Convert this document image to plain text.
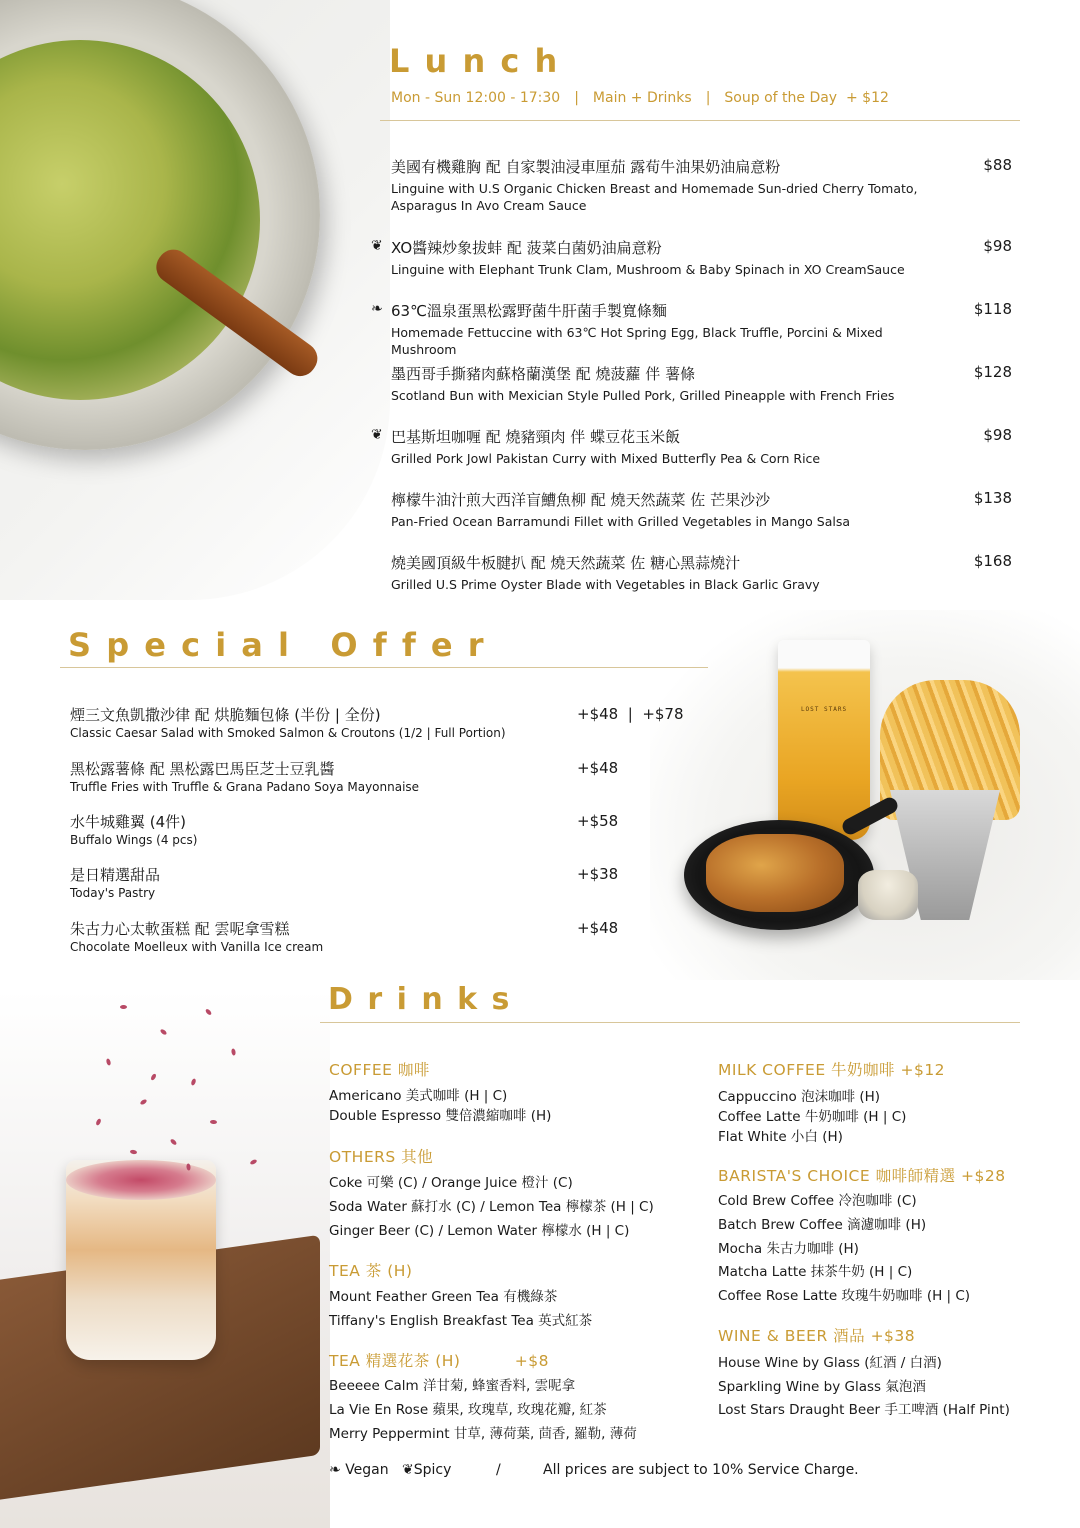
LOST STARS
L u n c h
Mon - Sun 12:00 - 17:30 | Main + Drinks | Soup of the Day  + $12
美國有機雞胸 配 自家製油浸車厘茄 露荀牛油果奶油扁意粉
Linguine with U.S Organic Chicken Breast and Homemade Sun-dried Cherry Tomato, Asparagus In Avo Cream Sauce
$88
❦ XO醬辣炒象拔蚌 配 菠菜白菌奶油扁意粉
Linguine with Elephant Trunk Clam, Mushroom & Baby Spinach in XO CreamSauce
$98
❧ 63℃溫泉蛋黑松露野菌牛肝菌手製寬條麵
Homemade Fettuccine with 63℃ Hot Spring Egg, Black Truffle, Porcini & Mixed Mushroom
$118
墨西哥手撕豬肉蘇格蘭漢堡 配 燒菠蘿 伴 薯條
Scotland Bun with Mexician Style Pulled Pork, Grilled Pineapple with French Fries
$128
❦ 巴基斯坦咖喱 配 燒豬頸肉 伴 蝶豆花玉米飯
Grilled Pork Jowl Pakistan Curry with Mixed Butterfly Pea & Corn Rice
$98
檸檬牛油汁煎大西洋盲鰽魚柳 配 燒天然蔬菜 佐 芒果沙沙
Pan-Fried Ocean Barramundi Fillet with Grilled Vegetables in Mango Salsa
$138
燒美國頂級牛板腱扒 配 燒天然蔬菜 佐 糖心黑蒜燒汁
Grilled U.S Prime Oyster Blade with Vegetables in Black Garlic Gravy
$168
S p e c i a l   O f f e r
煙三文魚凱撒沙律 配 烘脆麵包條 (半份 | 全份)
Classic Caesar Salad with Smoked Salmon & Croutons (1/2 | Full Portion)
+$48  |  +$78
黑松露薯條 配 黑松露巴馬臣芝士豆乳醬
Truffle Fries with Truffle & Grana Padano Soya Mayonnaise
+$48
水牛城雞翼 (4件)
Buffalo Wings (4 pcs)
+$58
是日精選甜品
Today's Pastry
+$38
朱古力心太軟蛋糕 配 雲呢拿雪糕
Chocolate Moelleux with Vanilla Ice cream
+$48
D r i n k s
COFFEE 咖啡
Americano 美式咖啡 (H | C)
Double Espresso 雙倍濃縮咖啡 (H)
OTHERS 其他
Coke 可樂 (C) / Orange Juice 橙汁 (C)
Soda Water 蘇打水 (C) / Lemon Tea 檸檬茶 (H | C)
Ginger Beer (C) / Lemon Water 檸檬水 (H | C)
TEA 茶 (H)
Mount Feather Green Tea 有機綠茶
Tiffany's English Breakfast Tea 英式紅茶
TEA 精選花茶 (H)          +$8
Beeeee Calm 洋甘菊, 蜂蜜香料, 雲呢拿
La Vie En Rose 蘋果, 玫瑰草, 玫瑰花瓣, 紅茶
Merry Peppermint 甘草, 薄荷葉, 茴香, 羅勒, 薄荷
MILK COFFEE 牛奶咖啡 +$12
Cappuccino 泡沫咖啡 (H)
Coffee Latte 牛奶咖啡 (H | C)
Flat White 小白 (H)
BARISTA'S CHOICE 咖啡師精選 +$28
Cold Brew Coffee 冷泡咖啡 (C)
Batch Brew Coffee 滴濾咖啡 (H)
Mocha 朱古力咖啡 (H)
Matcha Latte 抹茶牛奶 (H | C)
Coffee Rose Latte 玫瑰牛奶咖啡 (H | C)
WINE & BEER 酒品 +$38
House Wine by Glass (紅酒 / 白酒)
Sparkling Wine by Glass 氣泡酒
Lost Stars Draught Beer 手工啤酒 (Half Pint)
❧ Vegan ❦Spicy	/	All prices are subject to 10% Service Charge.
